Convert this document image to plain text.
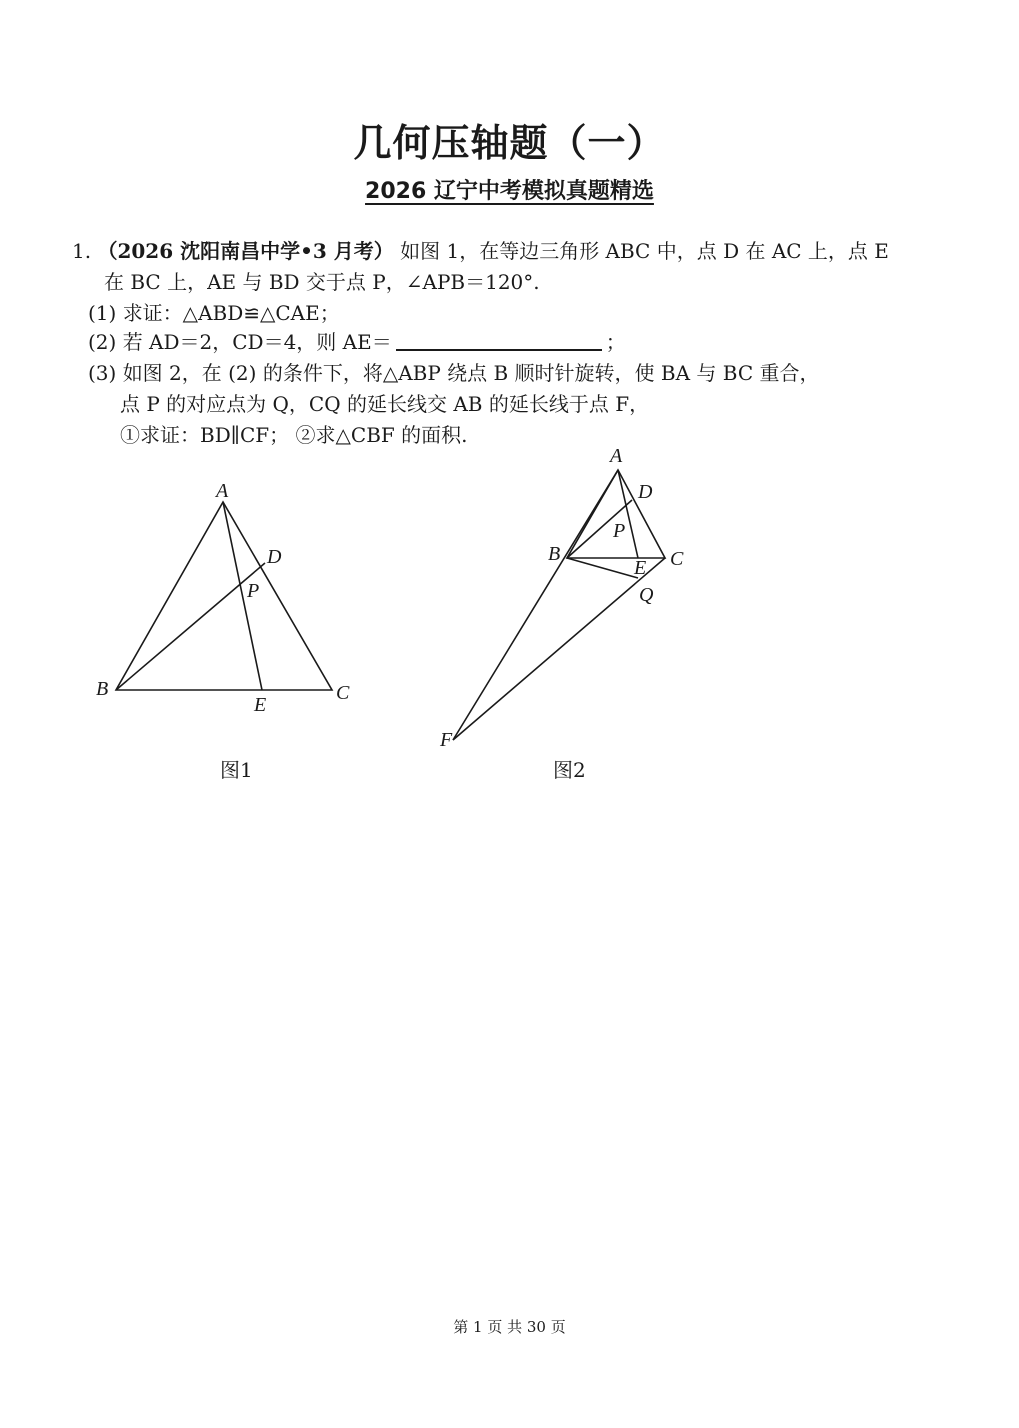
几何压轴题（一）
2026 辽宁中考模拟真题精选
1. （2026 沈阳南昌中学•3 月考） 如图 1，在等边三角形 ABC 中，点 D 在 AC 上，点 E
在 BC 上，AE 与 BD 交于点 P，∠APB＝120°.
(1) 求证：△ABD≌△CAE；
(2) 若 AD＝2，CD＝4，则 AE＝	；
(3) 如图 2，在 (2) 的条件下，将△ABP 绕点 B 顺时针旋转，使 BA 与 BC 重合，
点 P 的对应点为 Q，CQ 的延长线交 AB 的延长线于点 F，
①求证：BD∥CF； ②求△CBF 的面积.
A
B	C
D
E
P
图1
A
B	C
D
E
P
Q
F
图2
第 1 页 共 30 页
